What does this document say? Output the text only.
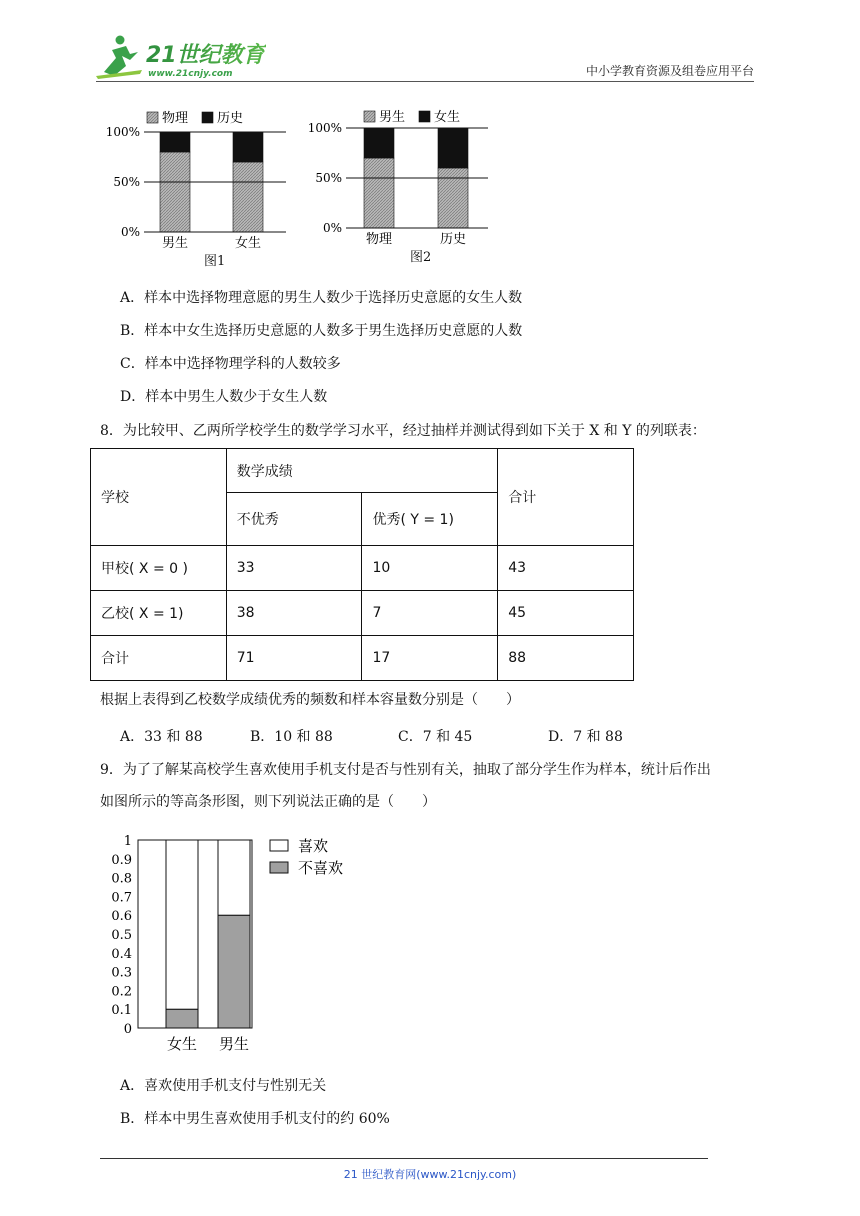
21世纪教育
www.21cnjy.com	中小学教育资源及组卷应用平台
物理 历史
0%
50%
100%
男生	女生
图1
男生 女生
0%
50%
100%
物理	历史
图2
A．样本中选择物理意愿的男生人数少于选择历史意愿的女生人数
B．样本中女生选择历史意愿的人数多于男生选择历史意愿的人数
C．样本中选择物理学科的人数较多
D．样本中男生人数少于女生人数
8．为比较甲、乙两所学校学生的数学学习水平，经过抽样并测试得到如下关于 X 和 Y 的列联表：
学校	数学成绩		合计
	不优秀	优秀( Y = 1)	
甲校( X = 0 )	33	10	43
乙校( X = 1)	38	7	45
合计	71	17	88
根据上表得到乙校数学成绩优秀的频数和样本容量数分别是（　　）
A．33 和 88	B．10 和 88	C．7 和 45	D．7 和 88
9．为了了解某高校学生喜欢使用手机支付是否与性别有关，抽取了部分学生作为样本，统计后作出
如图所示的等高条形图，则下列说法正确的是（　　）
0
0.1
0.2
0.3
0.4
0.5
0.6
0.7
0.8
0.9
1
女生 男生
喜欢
不喜欢
A．喜欢使用手机支付与性别无关
B．样本中男生喜欢使用手机支付的约 60%
21 世纪教育网(www.21cnjy.com)
